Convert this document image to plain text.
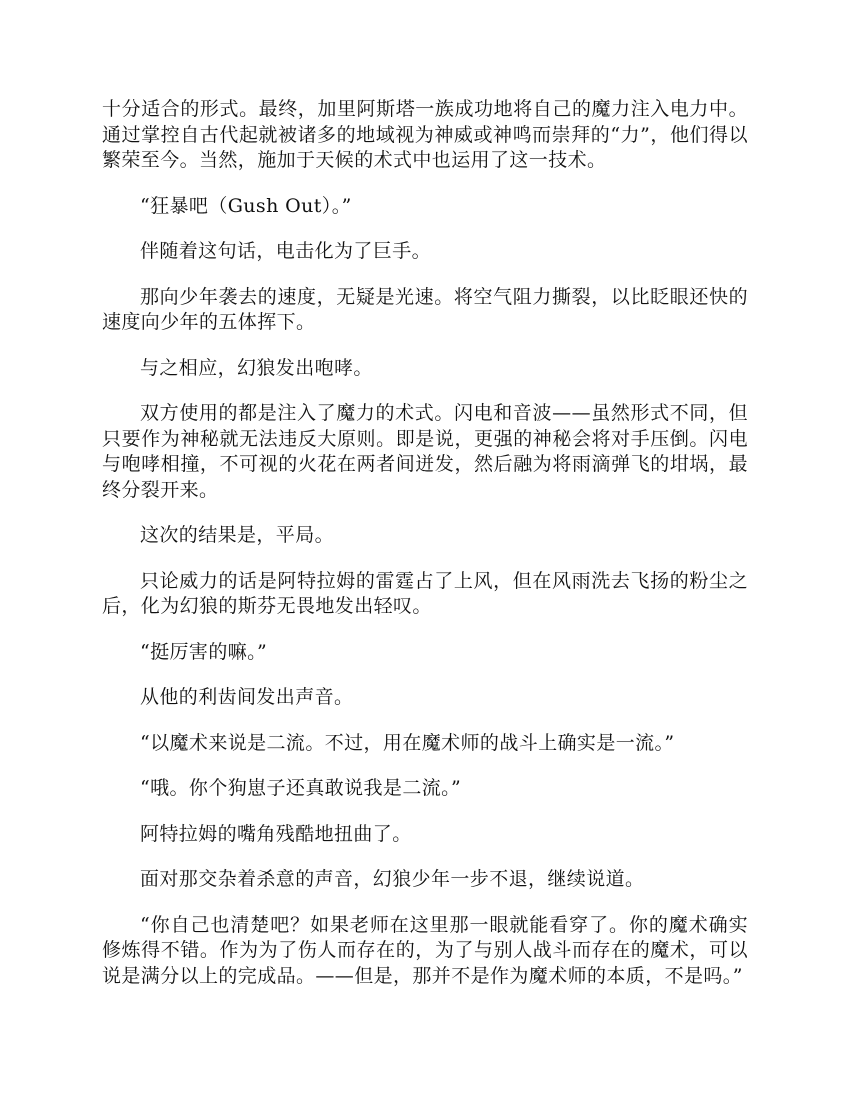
十分适合的形式。最终，加里阿斯塔一族成功地将自己的魔力注入电力中。通过掌控自古代起就被诸多的地域视为神威或神鸣而崇拜的“力”，他们得以繁荣至今。当然，施加于天候的术式中也运用了这一技术。

“狂暴吧（Gush Out）。”

伴随着这句话，电击化为了巨手。

那向少年袭去的速度，无疑是光速。将空气阻力撕裂，以比眨眼还快的速度向少年的五体挥下。

与之相应，幻狼发出咆哮。

双方使用的都是注入了魔力的术式。闪电和音波——虽然形式不同，但只要作为神秘就无法违反大原则。即是说，更强的神秘会将对手压倒。闪电与咆哮相撞，不可视的火花在两者间迸发，然后融为将雨滴弹飞的坩埚，最终分裂开来。

这次的结果是，平局。

只论威力的话是阿特拉姆的雷霆占了上风，但在风雨洗去飞扬的粉尘之后，化为幻狼的斯芬无畏地发出轻叹。

“挺厉害的嘛。”

从他的利齿间发出声音。

“以魔术来说是二流。不过，用在魔术师的战斗上确实是一流。”

“哦。你个狗崽子还真敢说我是二流。”

阿特拉姆的嘴角残酷地扭曲了。

面对那交杂着杀意的声音，幻狼少年一步不退，继续说道。

“你自己也清楚吧？如果老师在这里那一眼就能看穿了。你的魔术确实修炼得不错。作为为了伤人而存在的，为了与别人战斗而存在的魔术，可以说是满分以上的完成品。——但是，那并不是作为魔术师的本质，不是吗。”
